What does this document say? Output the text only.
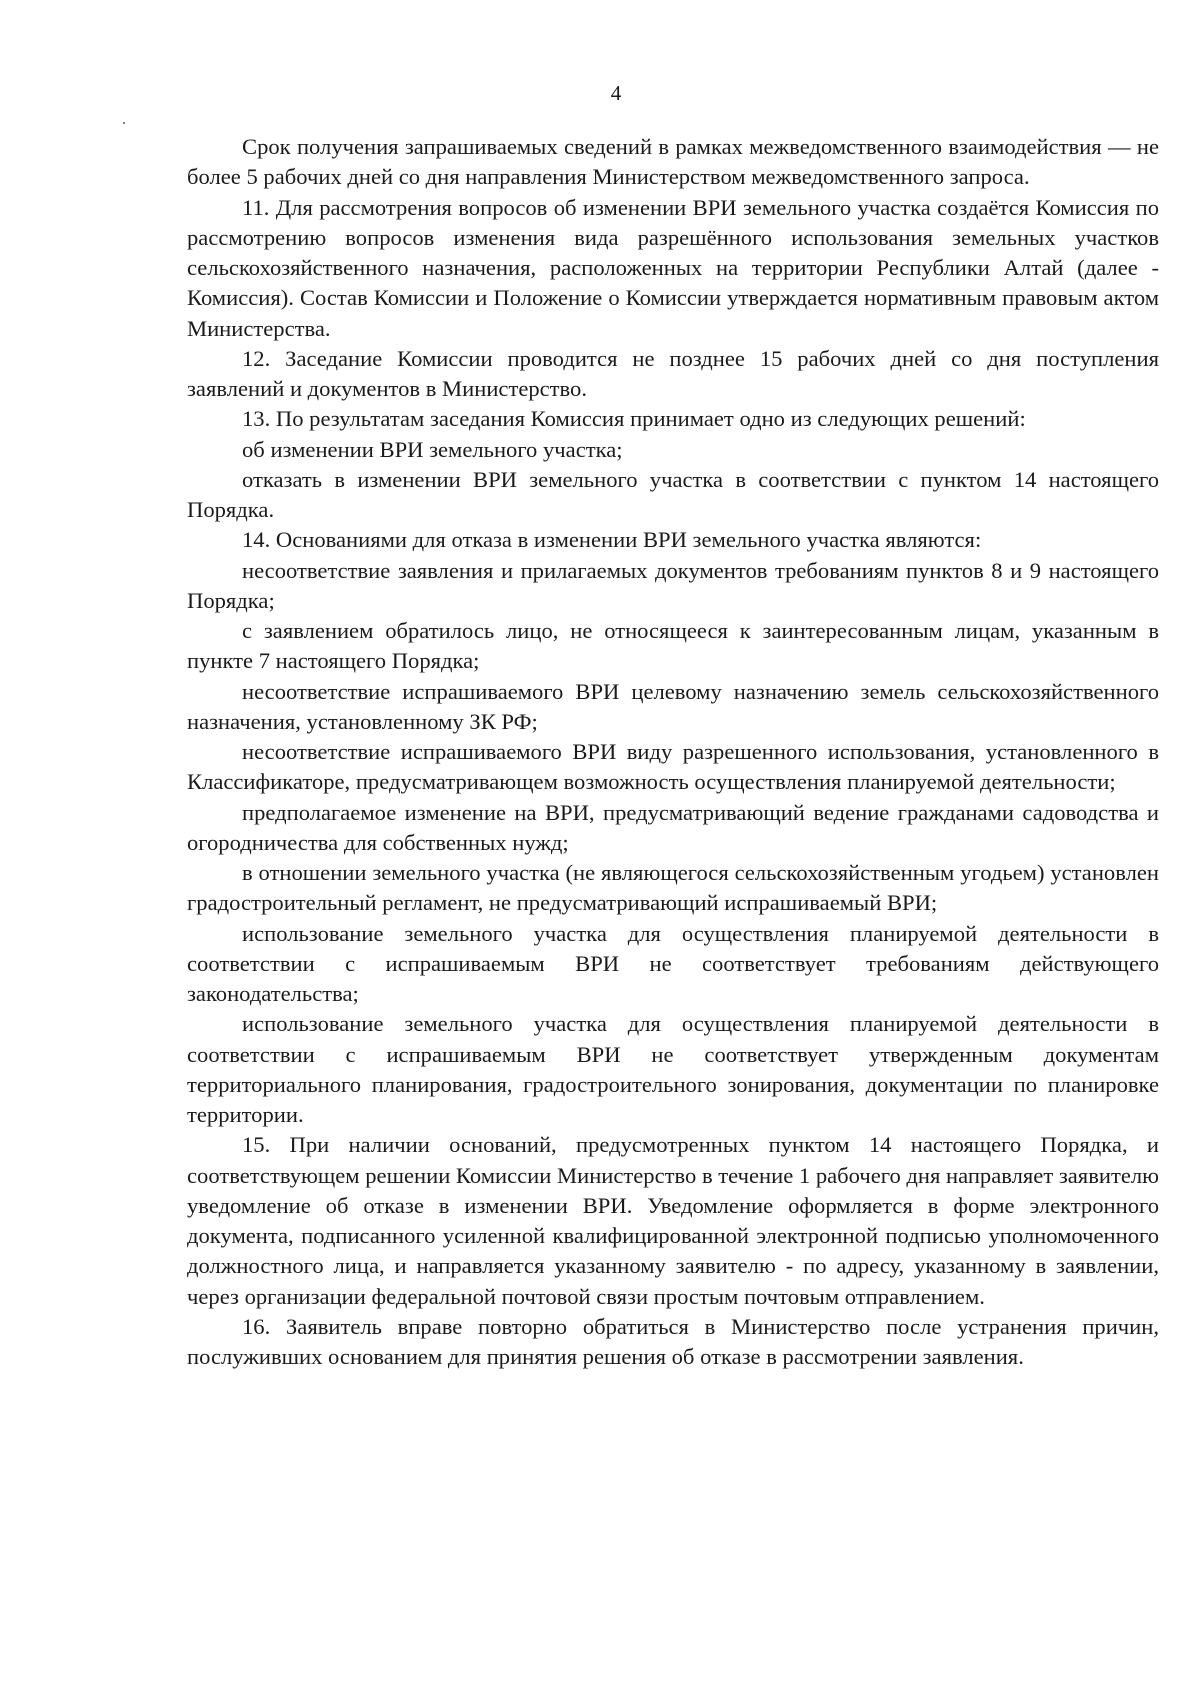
4

Срок получения запрашиваемых сведений в рамках межведомственного взаимодействия — не более 5 рабочих дней со дня направления Министерством межведомственного запроса.

11. Для рассмотрения вопросов об изменении ВРИ земельного участка создаётся Комиссия по рассмотрению вопросов изменения вида разрешённого использования земельных участков сельскохозяйственного назначения, расположенных на территории Республики Алтай (далее - Комиссия). Состав Комиссии и Положение о Комиссии утверждается нормативным правовым актом Министерства.

12. Заседание Комиссии проводится не позднее 15 рабочих дней со дня поступления заявлений и документов в Министерство.

13. По результатам заседания Комиссия принимает одно из следующих решений:

об изменении ВРИ земельного участка;

отказать в изменении ВРИ земельного участка в соответствии с пунктом 14 настоящего Порядка.

14. Основаниями для отказа в изменении ВРИ земельного участка являются:

несоответствие заявления и прилагаемых документов требованиям пунктов 8 и 9 настоящего Порядка;

с заявлением обратилось лицо, не относящееся к заинтересованным лицам, указанным в пункте 7 настоящего Порядка;

несоответствие испрашиваемого ВРИ целевому назначению земель сельскохозяйственного назначения, установленному ЗК РФ;

несоответствие испрашиваемого ВРИ виду разрешенного использования, установленного в Классификаторе, предусматривающем возможность осуществления планируемой деятельности;

предполагаемое изменение на ВРИ, предусматривающий ведение гражданами садоводства и огородничества для собственных нужд;

в отношении земельного участка (не являющегося сельскохозяйственным угодьем) установлен градостроительный регламент, не предусматривающий испрашиваемый ВРИ;

использование земельного участка для осуществления планируемой деятельности в соответствии с испрашиваемым ВРИ не соответствует требованиям действующего законодательства;

использование земельного участка для осуществления планируемой деятельности в соответствии с испрашиваемым ВРИ не соответствует утвержденным документам территориального планирования, градостроительного зонирования, документации по планировке территории.

15. При наличии оснований, предусмотренных пунктом 14 настоящего Порядка, и соответствующем решении Комиссии Министерство в течение 1 рабочего дня направляет заявителю уведомление об отказе в изменении ВРИ. Уведомление оформляется в форме электронного документа, подписанного усиленной квалифицированной электронной подписью уполномоченного должностного лица, и направляется указанному заявителю - по адресу, указанному в заявлении, через организации федеральной почтовой связи простым почтовым отправлением.

16. Заявитель вправе повторно обратиться в Министерство после устранения причин, послуживших основанием для принятия решения об отказе в рассмотрении заявления.
